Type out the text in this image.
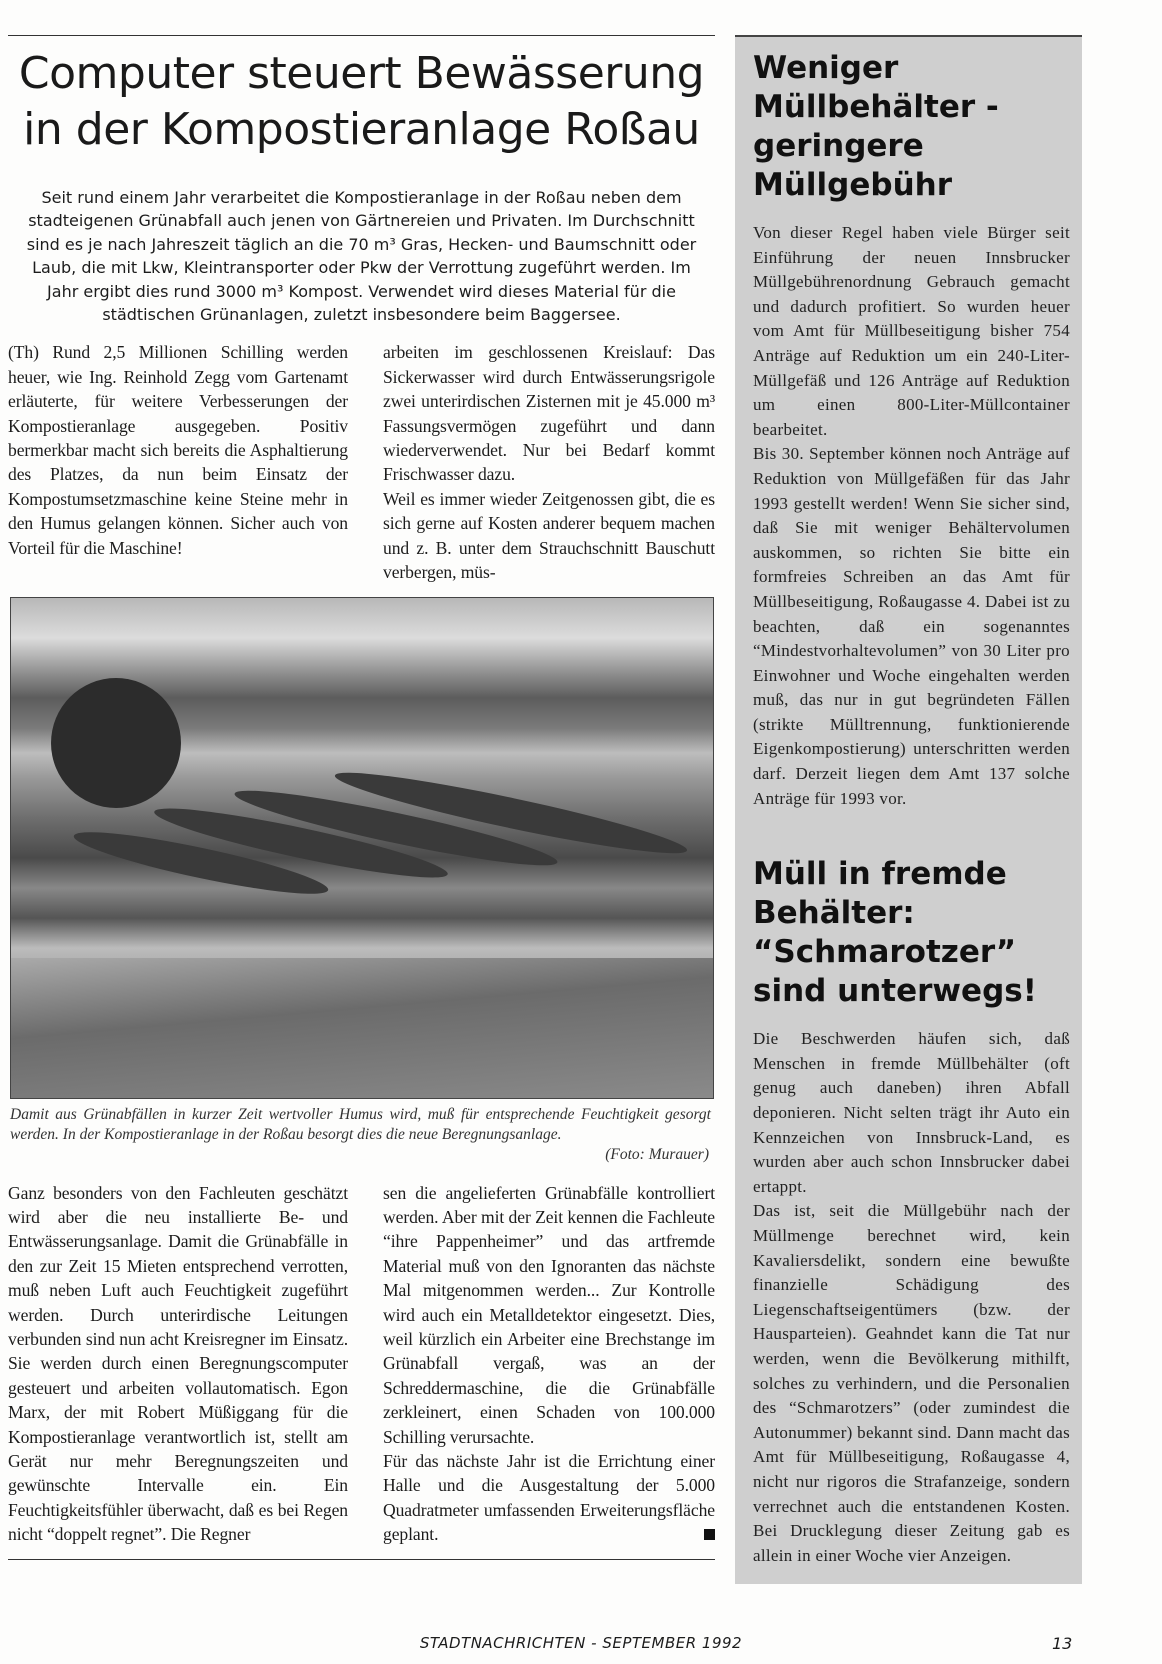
Computer steuert Bewässerung
in der Kompostieranlage Roßau

Seit rund einem Jahr verarbeitet die Kompostieranlage in der Roßau neben dem stadteigenen Grünabfall auch jenen von Gärtnereien und Privaten. Im Durchschnitt sind es je nach Jahreszeit täglich an die 70 m³ Gras, Hecken- und Baumschnitt oder Laub, die mit Lkw, Kleintransporter oder Pkw der Verrottung zugeführt werden. Im Jahr ergibt dies rund 3000 m³ Kompost. Verwendet wird dieses Material für die städtischen Grünanlagen, zuletzt insbesondere beim Baggersee.

(Th) Rund 2,5 Millionen Schilling werden heuer, wie Ing. Reinhold Zegg vom Gartenamt erläuterte, für weitere Verbesserungen der Kompostieranlage ausgegeben. Positiv bermerkbar macht sich bereits die Asphaltierung des Platzes, da nun beim Einsatz der Kompostumsetzmaschine keine Steine mehr in den Humus gelangen können. Sicher auch von Vorteil für die Maschine!

arbeiten im geschlossenen Kreislauf: Das Sickerwasser wird durch Entwässerungsrigole zwei unterirdischen Zisternen mit je 45.000 m³ Fassungsvermögen zugeführt und dann wiederverwendet. Nur bei Bedarf kommt Frischwasser dazu.

Weil es immer wieder Zeitgenossen gibt, die es sich gerne auf Kosten anderer bequem machen und z. B. unter dem Strauchschnitt Bauschutt verbergen, müs-

Damit aus Grünabfällen in kurzer Zeit wertvoller Humus wird, muß für entsprechende Feuchtigkeit gesorgt werden. In der Kompostieranlage in der Roßau besorgt dies die neue Beregnungsanlage.

(Foto: Murauer)

Ganz besonders von den Fachleuten geschätzt wird aber die neu installierte Be- und Entwässerungsanlage. Damit die Grünabfälle in den zur Zeit 15 Mieten entsprechend verrotten, muß neben Luft auch Feuchtigkeit zugeführt werden. Durch unterirdische Leitungen verbunden sind nun acht Kreisregner im Einsatz. Sie werden durch einen Beregnungscomputer gesteuert und arbeiten vollautomatisch. Egon Marx, der mit Robert Müßiggang für die Kompostieranlage verantwortlich ist, stellt am Gerät nur mehr Beregnungszeiten und gewünschte Intervalle ein. Ein Feuchtigkeitsfühler überwacht, daß es bei Regen nicht “doppelt regnet”. Die Regner

sen die angelieferten Grünabfälle kontrolliert werden. Aber mit der Zeit kennen die Fachleute “ihre Pappenheimer” und das artfremde Material muß von den Ignoranten das nächste Mal mitgenommen werden... Zur Kontrolle wird auch ein Metalldetektor eingesetzt. Dies, weil kürzlich ein Arbeiter eine Brechstange im Grünabfall vergaß, was an der Schreddermaschine, die die Grünabfälle zerkleinert, einen Schaden von 100.000 Schilling verursachte.

Für das nächste Jahr ist die Errichtung einer Halle und die Ausgestaltung der 5.000 Quadratmeter umfassenden Erweiterungsfläche geplant.

Weniger
Müllbehälter -
geringere
Müllgebühr

Von dieser Regel haben viele Bürger seit Einführung der neuen Innsbrucker Müllgebührenordnung Gebrauch gemacht und dadurch profitiert. So wurden heuer vom Amt für Müllbeseitigung bisher 754 Anträge auf Reduktion um ein 240-Liter-Müllgefäß und 126 Anträge auf Reduktion um einen 800-Liter-Müllcontainer bearbeitet.

Bis 30. September können noch Anträge auf Reduktion von Müllgefäßen für das Jahr 1993 gestellt werden! Wenn Sie sicher sind, daß Sie mit weniger Behältervolumen auskommen, so richten Sie bitte ein formfreies Schreiben an das Amt für Müllbeseitigung, Roßaugasse 4. Dabei ist zu beachten, daß ein sogenanntes “Mindestvorhaltevolumen” von 30 Liter pro Einwohner und Woche eingehalten werden muß, das nur in gut begründeten Fällen (strikte Mülltrennung, funktionierende Eigenkompostierung) unterschritten werden darf. Derzeit liegen dem Amt 137 solche Anträge für 1993 vor.

Müll in fremde
Behälter:
“Schmarotzer”
sind unterwegs!

Die Beschwerden häufen sich, daß Menschen in fremde Müllbehälter (oft genug auch daneben) ihren Abfall deponieren. Nicht selten trägt ihr Auto ein Kennzeichen von Innsbruck-Land, es wurden aber auch schon Innsbrucker dabei ertappt.

Das ist, seit die Müllgebühr nach der Müllmenge berechnet wird, kein Kavaliersdelikt, sondern eine bewußte finanzielle Schädigung des Liegenschaftseigentümers (bzw. der Hausparteien). Geahndet kann die Tat nur werden, wenn die Bevölkerung mithilft, solches zu verhindern, und die Personalien des “Schmarotzers” (oder zumindest die Autonummer) bekannt sind. Dann macht das Amt für Müllbeseitigung, Roßaugasse 4, nicht nur rigoros die Strafanzeige, sondern verrechnet auch die entstandenen Kosten. Bei Drucklegung dieser Zeitung gab es allein in einer Woche vier Anzeigen.

STADTNACHRICHTEN - SEPTEMBER 1992	13
